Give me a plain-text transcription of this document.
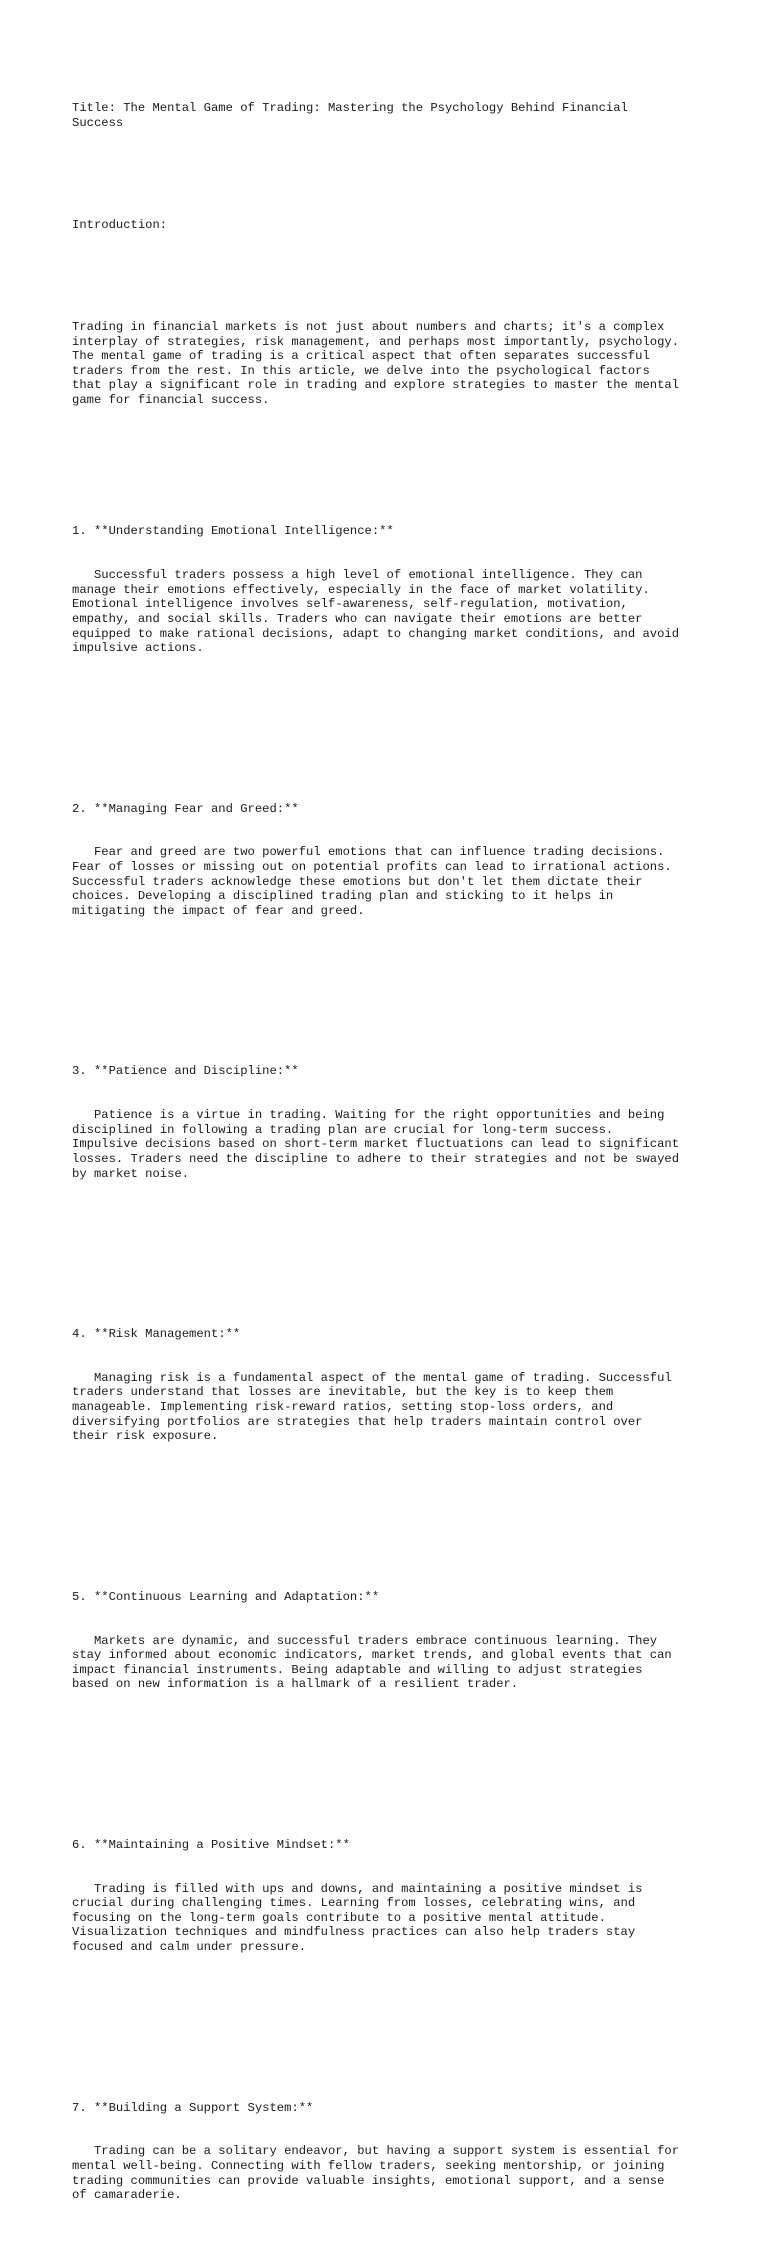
Title: The Mental Game of Trading: Mastering the Psychology Behind Financial
Success

Introduction:

Trading in financial markets is not just about numbers and charts; it's a complex
interplay of strategies, risk management, and perhaps most importantly, psychology.
The mental game of trading is a critical aspect that often separates successful
traders from the rest. In this article, we delve into the psychological factors
that play a significant role in trading and explore strategies to master the mental
game for financial success.

1. **Understanding Emotional Intelligence:**

Successful traders possess a high level of emotional intelligence. They can
manage their emotions effectively, especially in the face of market volatility.
Emotional intelligence involves self-awareness, self-regulation, motivation,
empathy, and social skills. Traders who can navigate their emotions are better
equipped to make rational decisions, adapt to changing market conditions, and avoid
impulsive actions.

2. **Managing Fear and Greed:**

Fear and greed are two powerful emotions that can influence trading decisions.
Fear of losses or missing out on potential profits can lead to irrational actions.
Successful traders acknowledge these emotions but don't let them dictate their
choices. Developing a disciplined trading plan and sticking to it helps in
mitigating the impact of fear and greed.

3. **Patience and Discipline:**

Patience is a virtue in trading. Waiting for the right opportunities and being
disciplined in following a trading plan are crucial for long-term success.
Impulsive decisions based on short-term market fluctuations can lead to significant
losses. Traders need the discipline to adhere to their strategies and not be swayed
by market noise.

4. **Risk Management:**

Managing risk is a fundamental aspect of the mental game of trading. Successful
traders understand that losses are inevitable, but the key is to keep them
manageable. Implementing risk-reward ratios, setting stop-loss orders, and
diversifying portfolios are strategies that help traders maintain control over
their risk exposure.

5. **Continuous Learning and Adaptation:**

Markets are dynamic, and successful traders embrace continuous learning. They
stay informed about economic indicators, market trends, and global events that can
impact financial instruments. Being adaptable and willing to adjust strategies
based on new information is a hallmark of a resilient trader.

6. **Maintaining a Positive Mindset:**

Trading is filled with ups and downs, and maintaining a positive mindset is
crucial during challenging times. Learning from losses, celebrating wins, and
focusing on the long-term goals contribute to a positive mental attitude.
Visualization techniques and mindfulness practices can also help traders stay
focused and calm under pressure.

7. **Building a Support System:**

Trading can be a solitary endeavor, but having a support system is essential for
mental well-being. Connecting with fellow traders, seeking mentorship, or joining
trading communities can provide valuable insights, emotional support, and a sense
of camaraderie.
